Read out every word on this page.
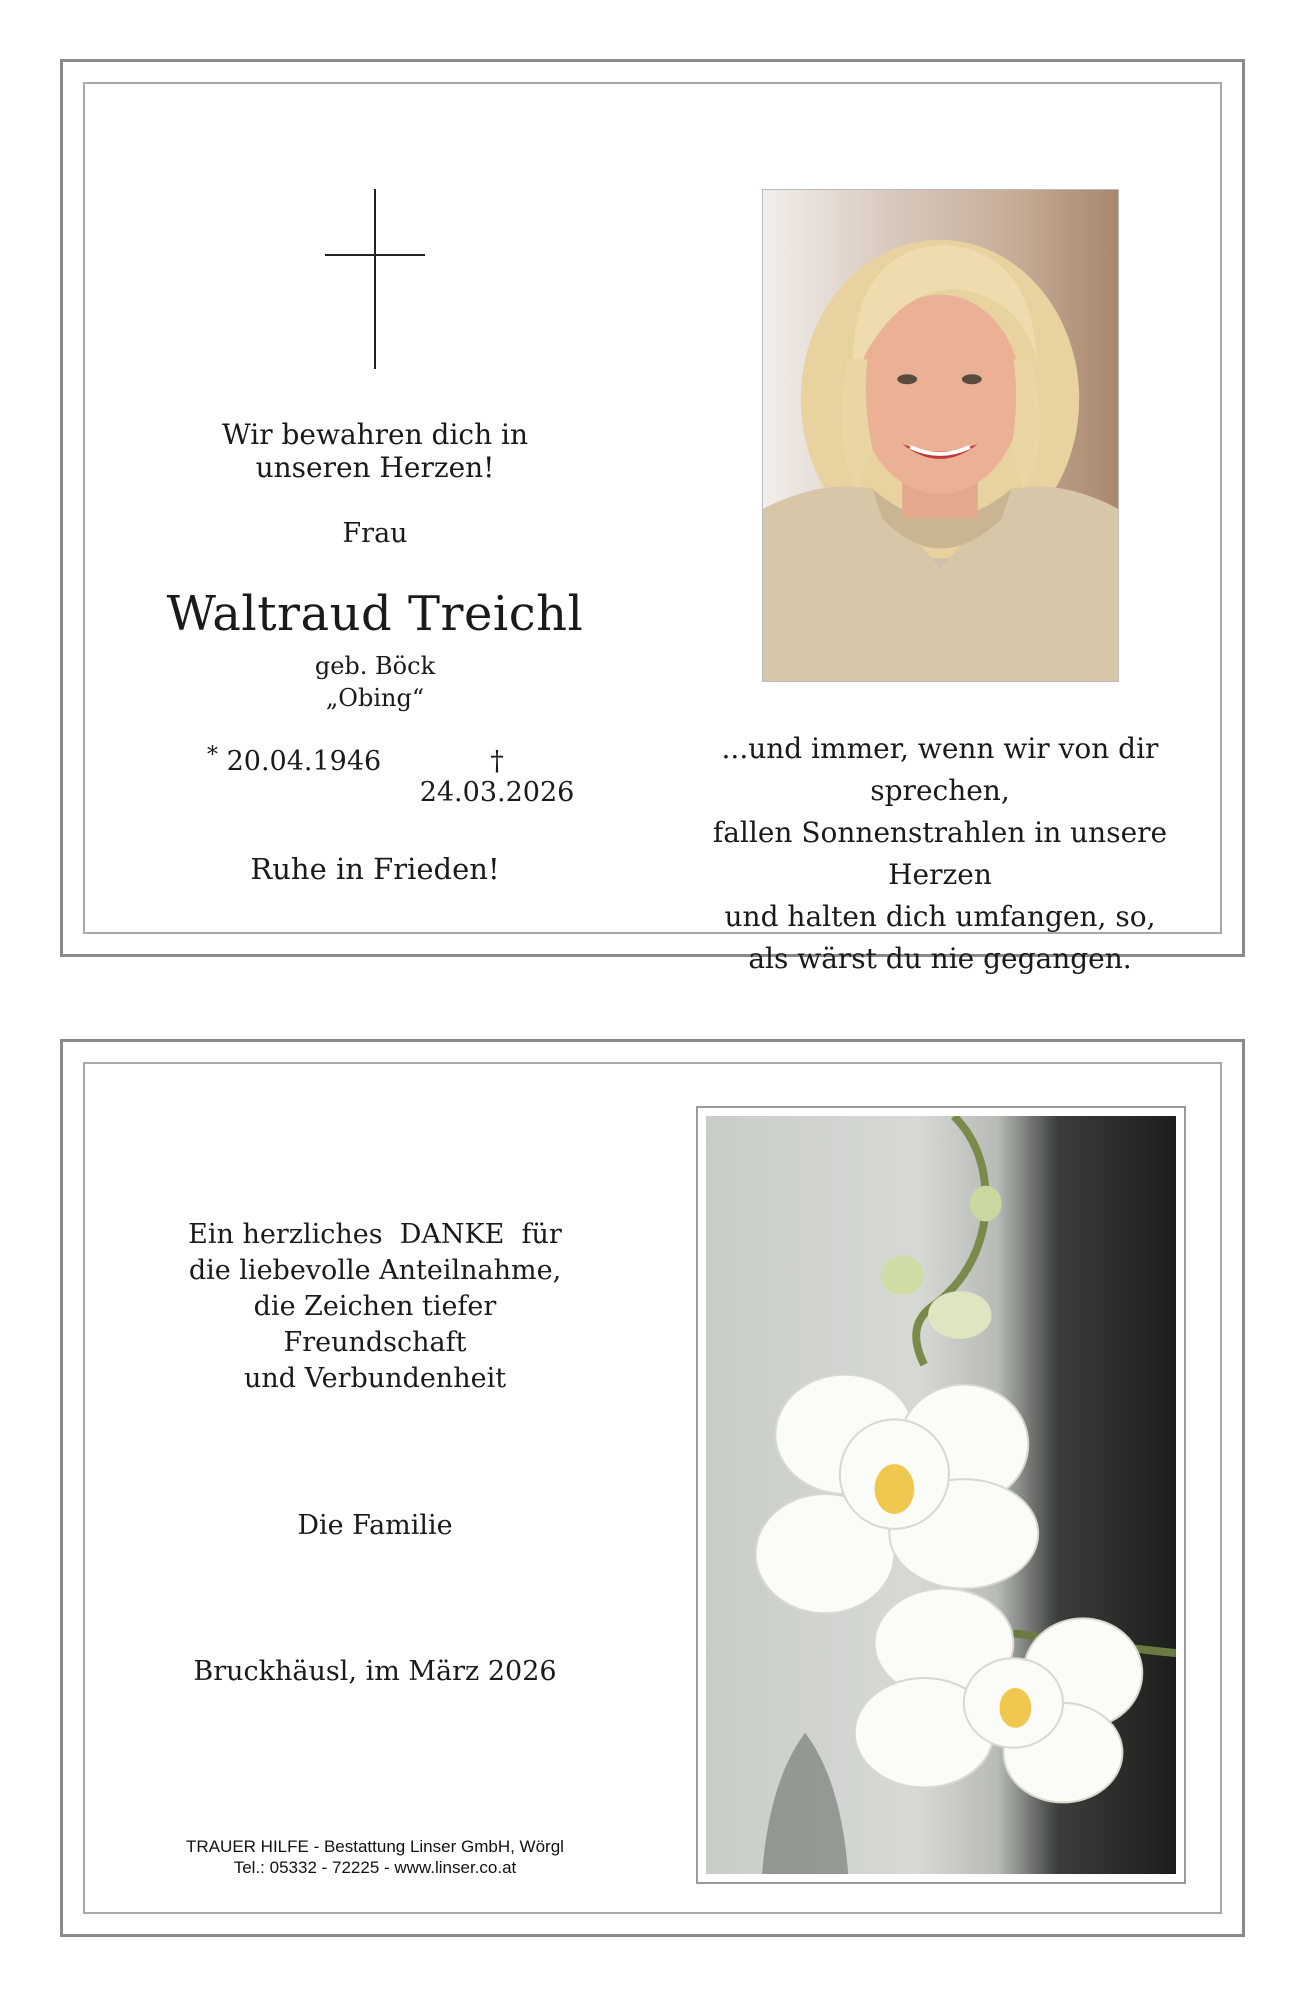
Wir bewahren dich in
unseren Herzen!
Frau
Waltraud Treichl
geb. Böck
„Obing“
* 20.04.1946	† 24.03.2026
Ruhe in Frieden!
...und immer, wenn wir von dir sprechen,
fallen Sonnenstrahlen in unsere Herzen
und halten dich umfangen, so,
als wärst du nie gegangen.
Ein herzliches  DANKE  für
die liebevolle Anteilnahme,
die Zeichen tiefer Freundschaft
und Verbundenheit
Die Familie
Bruckhäusl, im März 2026
TRAUER HILFE - Bestattung Linser GmbH, Wörgl
Tel.: 05332 - 72225 - www.linser.co.at
